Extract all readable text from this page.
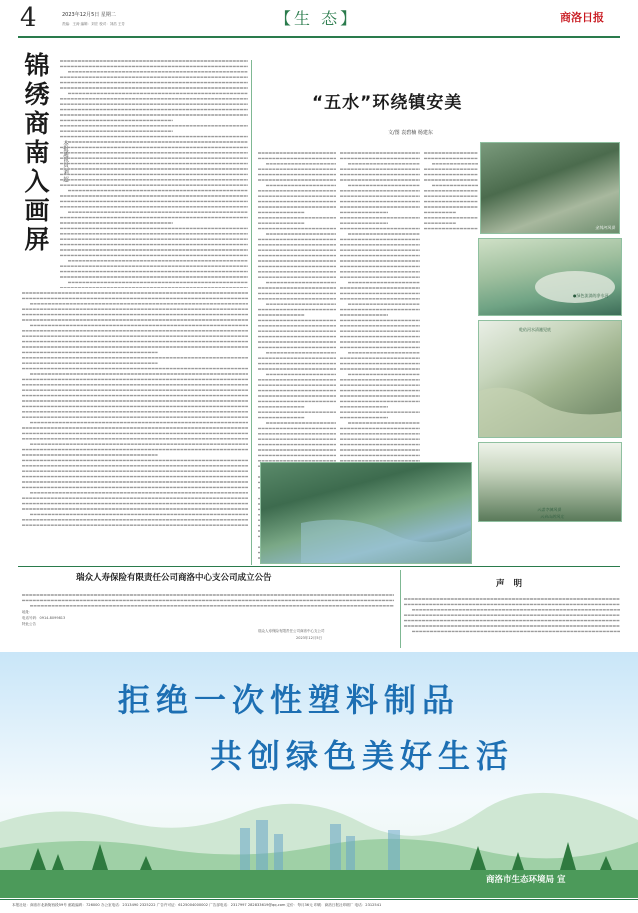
4	2023年12月5日 星期二
责编：王涛 编辑：刘宏 校对：刘浩 王芳	【生 态】	商洛日报
锦绣商南入画屏	本报通讯员 刘 超
“五水”环绕镇安美
文/图 袁碧楠 杨建东
金钱河风景
●绿色流淌的净水河
乾佑河水清澈见底
云盖寺镇风景
云台山的风光
瑞众人寿保险有限责任公司商洛中心支公司成立公告
地址：
电话号码：0914-8099813
特此公告
瑞众人寿保险有限责任公司商洛中心支公司
2023年12月5日
声 明
拒绝一次性塑料制品
共创绿色美好生活
商洛市生态环境局 宣
本报社址：商洛市北新街西段59号 邮政编码：726000 办公室电话：2313490 2325222 广告许可证：6125004000002 广告部电话：2317997 282833619@qq.com 定价：每月36元 印刷：商洛日报社印刷厂 电话：2312541
